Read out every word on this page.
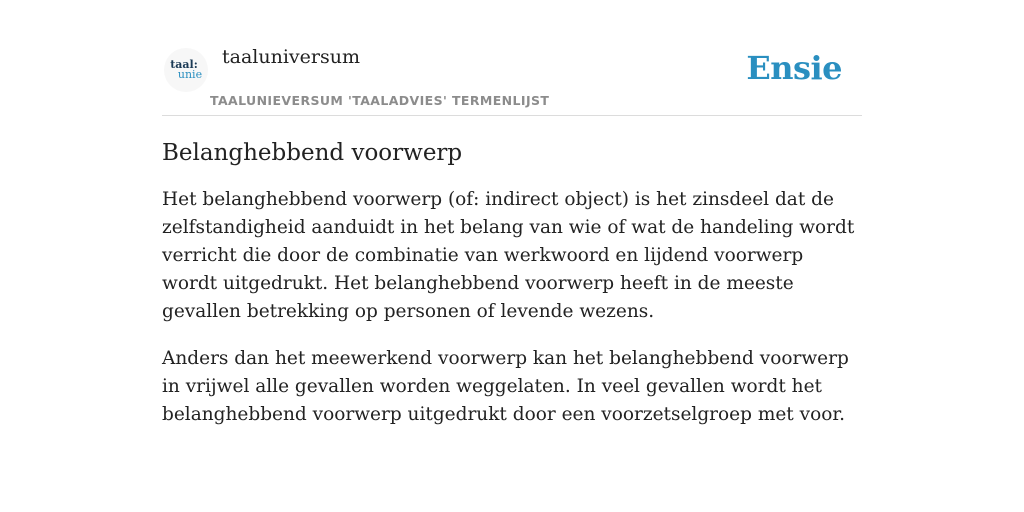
taal:
unie
taaluniversum
TAALUNIEVERSUM 'TAALADVIES' TERMENLIJST
Ensie
Belanghebbend voorwerp

Het belanghebbend voorwerp (of: indirect object) is het zinsdeel dat de zelfstandigheid aanduidt in het belang van wie of wat de handeling wordt verricht die door de combinatie van werkwoord en lijdend voorwerp wordt uitgedrukt. Het belanghebbend voorwerp heeft in de meeste gevallen betrekking op personen of levende wezens.

Anders dan het meewerkend voorwerp kan het belanghebbend voorwerp in vrijwel alle gevallen worden weggelaten. In veel gevallen wordt het belanghebbend voorwerp uitgedrukt door een voorzetselgroep met voor.
